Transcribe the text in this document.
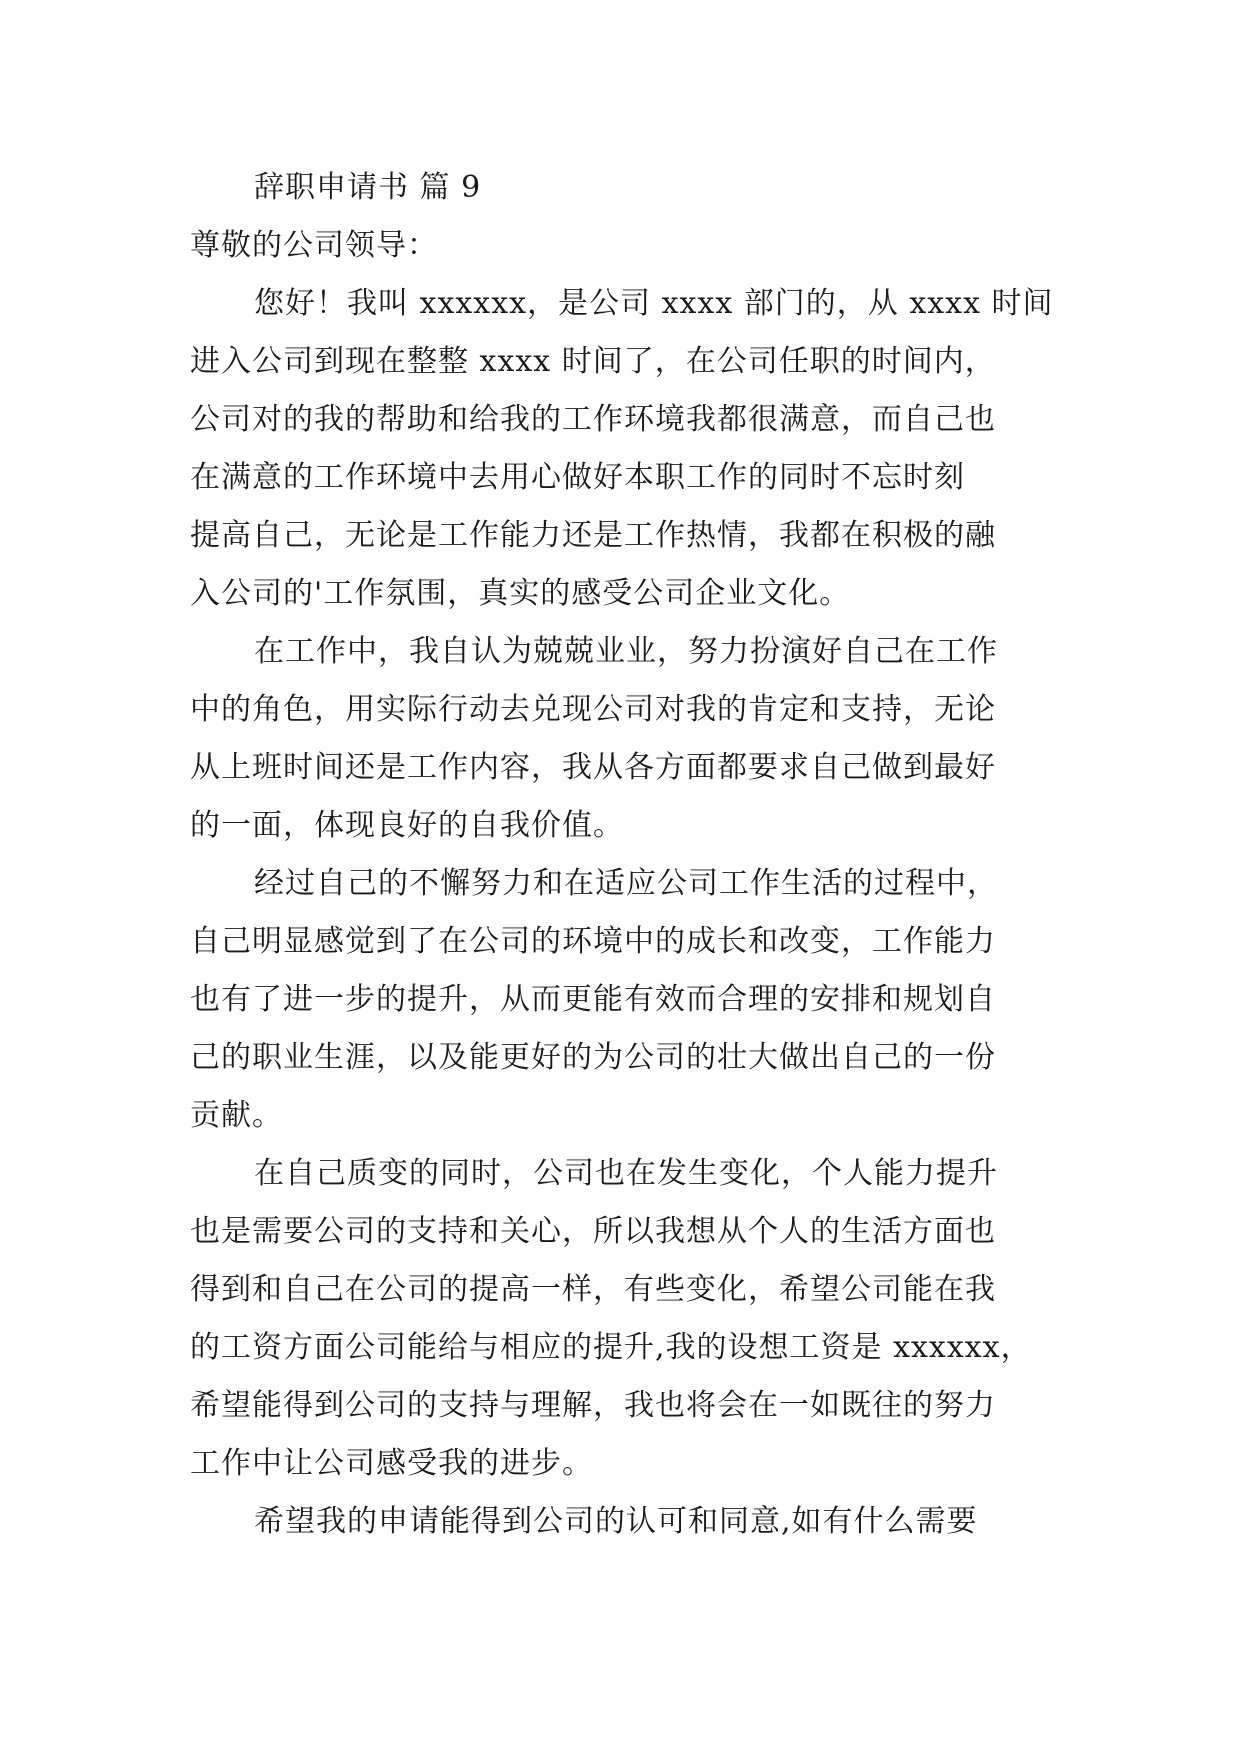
辞职申请书 篇 9
尊敬的公司领导：
您好！我叫 xxxxxx，是公司 xxxx 部门的，从 xxxx 时间
进入公司到现在整整 xxxx 时间了，在公司任职的时间内，
公司对的我的帮助和给我的工作环境我都很满意，而自己也
在满意的工作环境中去用心做好本职工作的同时不忘时刻
提高自己，无论是工作能力还是工作热情，我都在积极的融
入公司的'工作氛围，真实的感受公司企业文化。
在工作中，我自认为兢兢业业，努力扮演好自己在工作
中的角色，用实际行动去兑现公司对我的肯定和支持，无论
从上班时间还是工作内容，我从各方面都要求自己做到最好
的一面，体现良好的自我价值。
经过自己的不懈努力和在适应公司工作生活的过程中，
自己明显感觉到了在公司的环境中的成长和改变，工作能力
也有了进一步的提升，从而更能有效而合理的安排和规划自
己的职业生涯，以及能更好的为公司的壮大做出自己的一份
贡献。
在自己质变的同时，公司也在发生变化，个人能力提升
也是需要公司的支持和关心，所以我想从个人的生活方面也
得到和自己在公司的提高一样，有些变化，希望公司能在我
的工资方面公司能给与相应的提升,我的设想工资是 xxxxxx，
希望能得到公司的支持与理解，我也将会在一如既往的努力
工作中让公司感受我的进步。
希望我的申请能得到公司的认可和同意,如有什么需要
